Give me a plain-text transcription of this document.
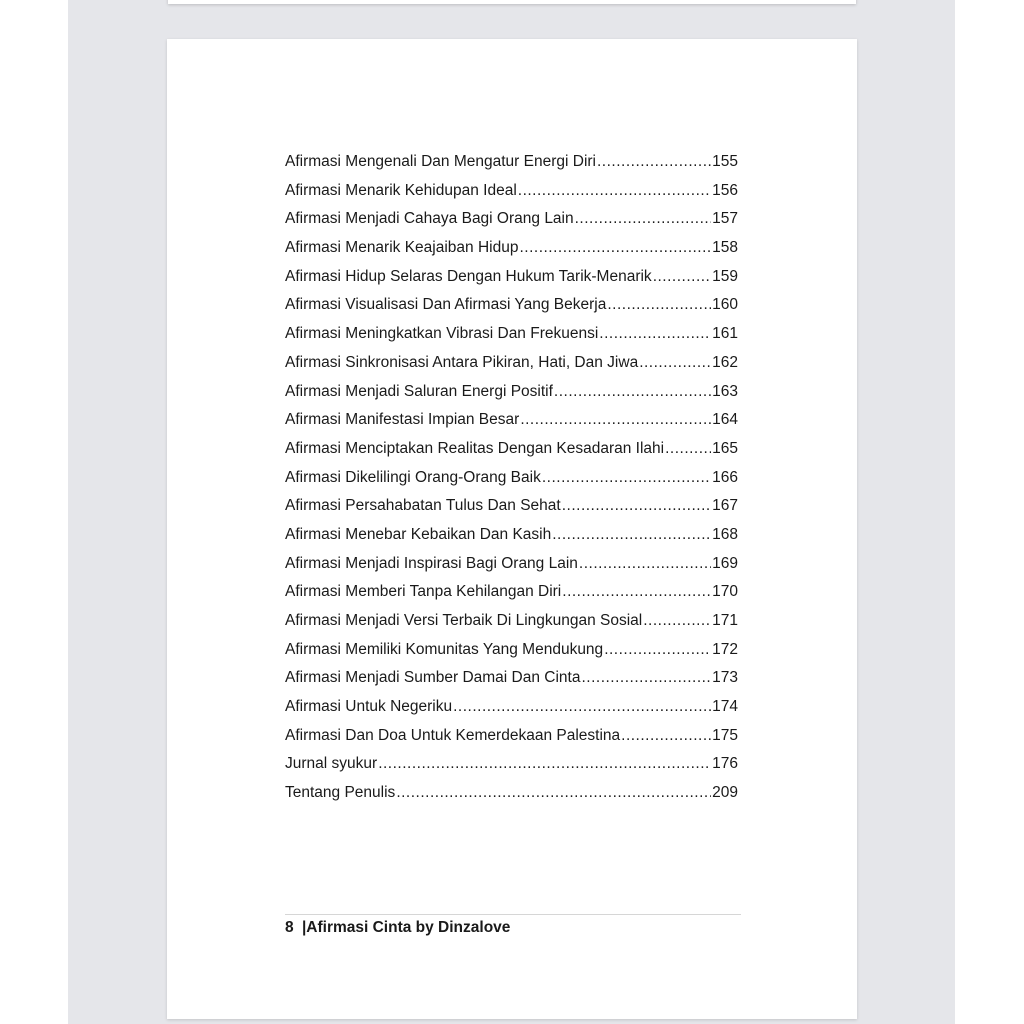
Afirmasi Mengenali Dan Mengatur Energi Diri .....	155
Afirmasi Menarik Kehidupan Ideal .....	156
Afirmasi Menjadi Cahaya Bagi Orang Lain .....	157
Afirmasi Menarik Keajaiban Hidup .....	158
Afirmasi Hidup Selaras Dengan Hukum Tarik-Menarik .....	159
Afirmasi Visualisasi Dan Afirmasi Yang Bekerja .....	160
Afirmasi Meningkatkan Vibrasi Dan Frekuensi .....	161
Afirmasi Sinkronisasi Antara Pikiran, Hati, Dan Jiwa .....	162
Afirmasi Menjadi Saluran Energi Positif .....	163
Afirmasi Manifestasi Impian Besar .....	164
Afirmasi Menciptakan Realitas Dengan Kesadaran Ilahi .....	165
Afirmasi Dikelilingi Orang-Orang Baik .....	166
Afirmasi Persahabatan Tulus Dan Sehat .....	167
Afirmasi Menebar Kebaikan Dan Kasih .....	168
Afirmasi Menjadi Inspirasi Bagi Orang Lain .....	169
Afirmasi Memberi Tanpa Kehilangan Diri .....	170
Afirmasi Menjadi Versi Terbaik Di Lingkungan Sosial .....	171
Afirmasi Memiliki Komunitas Yang Mendukung .....	172
Afirmasi Menjadi Sumber Damai Dan Cinta .....	173
Afirmasi Untuk Negeriku .....	174
Afirmasi Dan Doa Untuk Kemerdekaan Palestina .....	175
Jurnal syukur .....	176
Tentang Penulis .....	209
8 |Afirmasi Cinta by Dinzalove
